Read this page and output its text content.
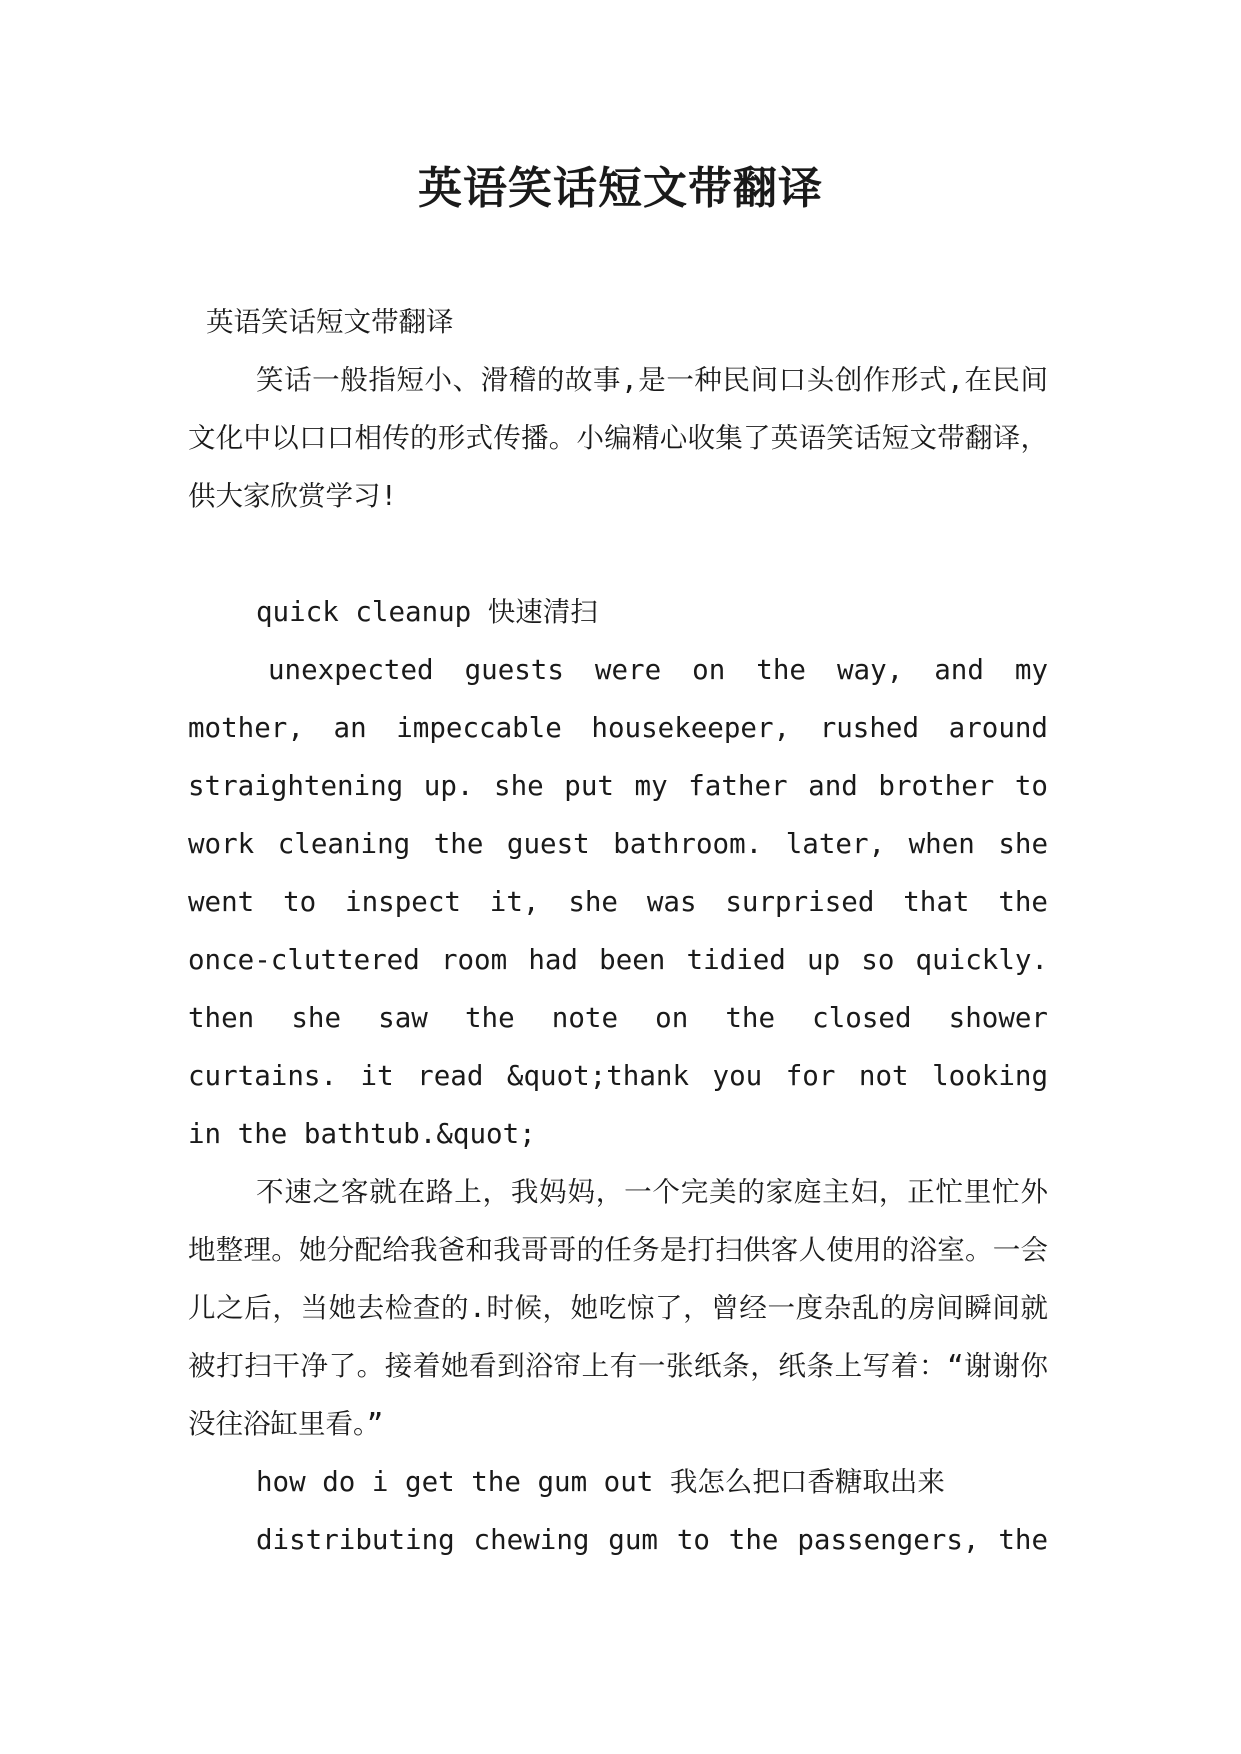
英语笑话短文带翻译

英语笑话短文带翻译

笑话一般指短小、滑稽的故事,是一种民间口头创作形式,在民间文化中以口口相传的形式传播。小编精心收集了英语笑话短文带翻译，供大家欣赏学习!

quick cleanup 快速清扫

unexpected guests were on the way, and my mother, an impeccable housekeeper, rushed around straightening up. she put my father and brother to work cleaning the guest bathroom. later, when she went to inspect it, she was surprised that the once-cluttered room had been tidied up so quickly. then she saw the note on the closed shower curtains. it read &quot;thank you for not looking in the bathtub.&quot;

不速之客就在路上，我妈妈，一个完美的家庭主妇，正忙里忙外地整理。她分配给我爸和我哥哥的任务是打扫供客人使用的浴室。一会儿之后，当她去检查的.时候，她吃惊了，曾经一度杂乱的房间瞬间就被打扫干净了。接着她看到浴帘上有一张纸条，纸条上写着：“谢谢你没往浴缸里看。”

how do i get the gum out 我怎么把口香糖取出来

distributing chewing gum to the passengers, the
